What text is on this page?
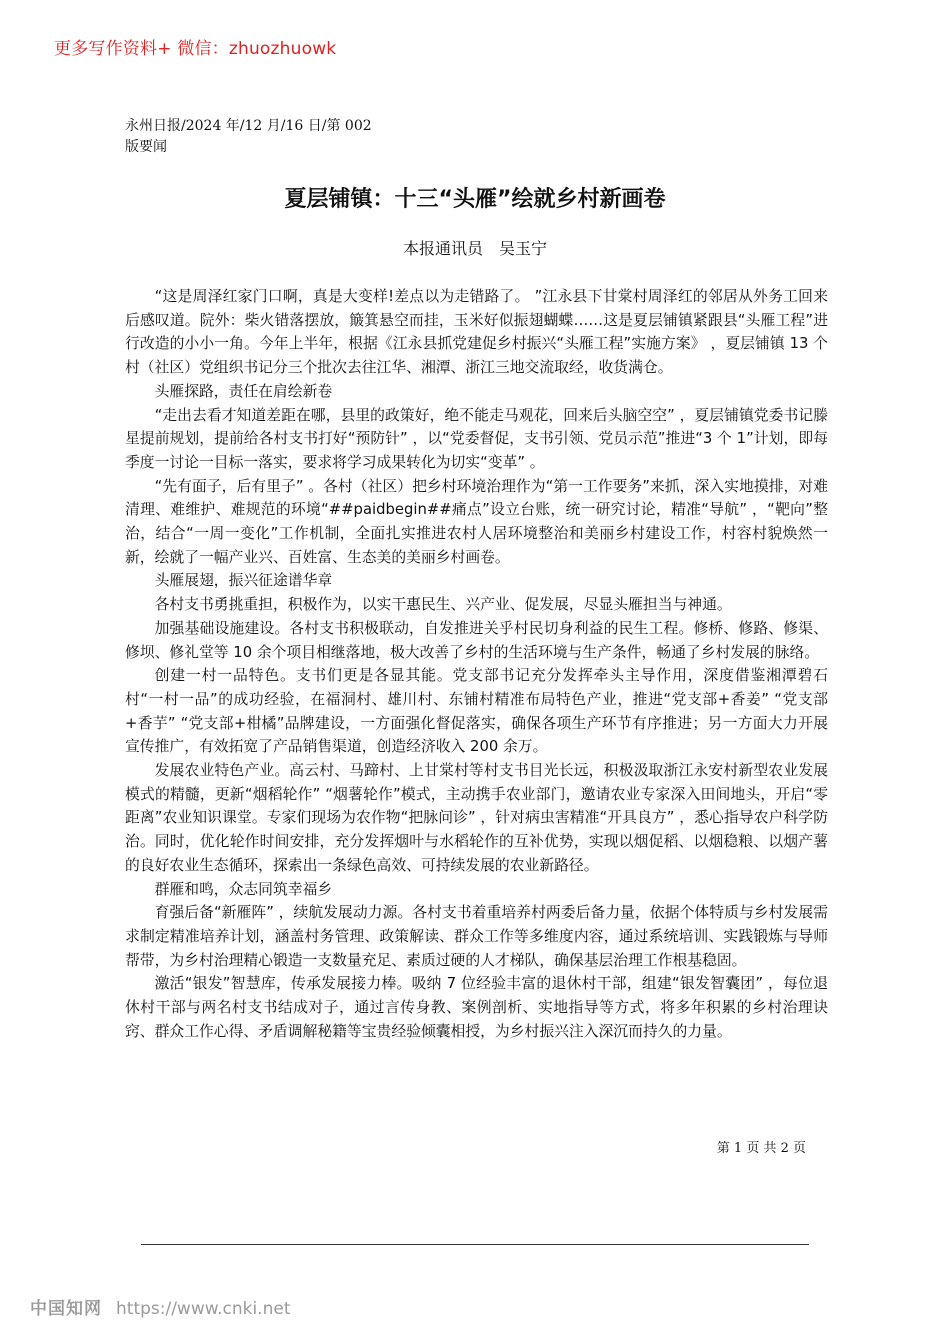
更多写作资料+ 微信：zhuozhuowk
永州日报/2024 年/12 月/16 日/第 002
版要闻
夏层铺镇：十三“头雁”绘就乡村新画卷
本报通讯员　吴玉宁

“这是周泽红家门口啊，真是大变样!差点以为走错路了。 ”江永县下甘棠村周泽红的邻居从外务工回来后感叹道。院外：柴火错落摆放，簸箕悬空而挂，玉米好似振翅蝴蝶……这是夏层铺镇紧跟县“头雁工程”进行改造的小小一角。今年上半年，根据《江永县抓党建促乡村振兴“头雁工程”实施方案》 ，夏层铺镇 13 个村（社区）党组织书记分三个批次去往江华、湘潭、浙江三地交流取经，收货满仓。

头雁探路，责任在肩绘新卷

“走出去看才知道差距在哪，县里的政策好，绝不能走马观花，回来后头脑空空” ，夏层铺镇党委书记滕星提前规划，提前给各村支书打好“预防针” ，以“党委督促，支书引领、党员示范”推进“3 个 1”计划，即每季度一讨论一目标一落实，要求将学习成果转化为切实“变革” 。

“先有面子，后有里子” 。各村（社区）把乡村环境治理作为“第一工作要务”来抓，深入实地摸排，对难清理、难维护、难规范的环境“##paidbegin##痛点”设立台账，统一研究讨论，精准“导航” ，“靶向”整治，结合“一周一变化”工作机制，全面扎实推进农村人居环境整治和美丽乡村建设工作，村容村貌焕然一新，绘就了一幅产业兴、百姓富、生态美的美丽乡村画卷。

头雁展翅，振兴征途谱华章

各村支书勇挑重担，积极作为，以实干惠民生、兴产业、促发展，尽显头雁担当与神通。

加强基础设施建设。各村支书积极联动，自发推进关乎村民切身利益的民生工程。修桥、修路、修渠、修坝、修礼堂等 10 余个项目相继落地，极大改善了乡村的生活环境与生产条件，畅通了乡村发展的脉络。

创建一村一品特色。支书们更是各显其能。党支部书记充分发挥牵头主导作用，深度借鉴湘潭碧石村“一村一品”的成功经验，在福洞村、雄川村、东铺村精准布局特色产业，推进“党支部+香姜” “党支部+香芋” “党支部+柑橘”品牌建设，一方面强化督促落实，确保各项生产环节有序推进；另一方面大力开展宣传推广，有效拓宽了产品销售渠道，创造经济收入 200 余万。

发展农业特色产业。高云村、马蹄村、上甘棠村等村支书目光长远，积极汲取浙江永安村新型农业发展模式的精髓，更新“烟稻轮作” “烟薯轮作”模式，主动携手农业部门，邀请农业专家深入田间地头，开启“零距离”农业知识课堂。专家们现场为农作物“把脉问诊” ，针对病虫害精准“开具良方” ，悉心指导农户科学防治。同时，优化轮作时间安排，充分发挥烟叶与水稻轮作的互补优势，实现以烟促稻、以烟稳粮、以烟产薯的良好农业生态循环，探索出一条绿色高效、可持续发展的农业新路径。

群雁和鸣，众志同筑幸福乡

育强后备“新雁阵” ，续航发展动力源。各村支书着重培养村两委后备力量，依据个体特质与乡村发展需求制定精准培养计划，涵盖村务管理、政策解读、群众工作等多维度内容，通过系统培训、实践锻炼与导师帮带，为乡村治理精心锻造一支数量充足、素质过硬的人才梯队，确保基层治理工作根基稳固。

激活“银发”智慧库，传承发展接力棒。吸纳 7 位经验丰富的退休村干部，组建“银发智囊团” ，每位退休村干部与两名村支书结成对子，通过言传身教、案例剖析、实地指导等方式，将多年积累的乡村治理诀窍、群众工作心得、矛盾调解秘籍等宝贵经验倾囊相授，为乡村振兴注入深沉而持久的力量。

第 1 页 共 2 页
中国知网 https://www.cnki.net
